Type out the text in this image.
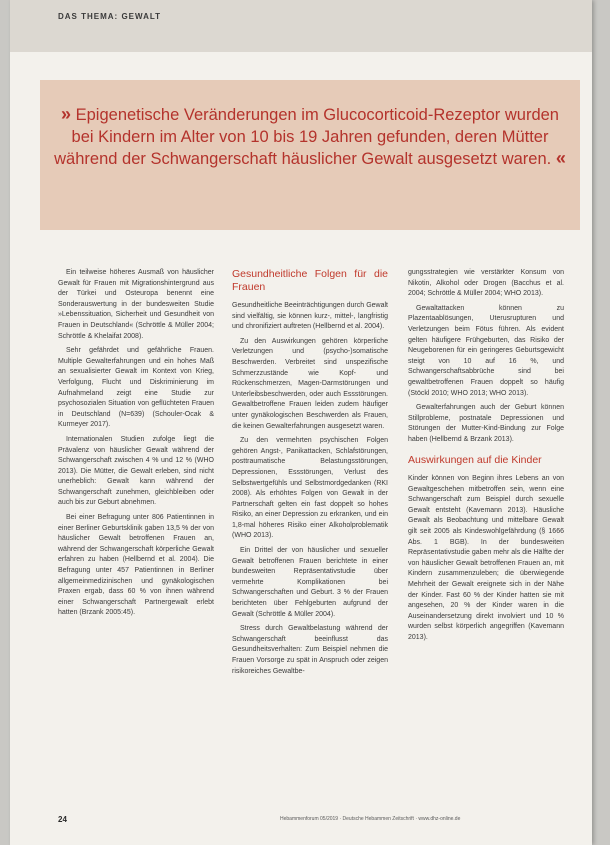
DAS THEMA: GEWALT
» Epigenetische Veränderungen im Glucocorticoid-Rezeptor wurden bei Kindern im Alter von 10 bis 19 Jahren gefunden, deren Mütter während der Schwangerschaft häuslicher Gewalt ausgesetzt waren. «

Ein teilweise höheres Ausmaß von häuslicher Gewalt für Frauen mit Migrationshintergrund aus der Türkei und Osteuropa benennt eine Sonderauswertung in der bundesweiten Studie »Lebenssituation, Sicherheit und Gesundheit von Frauen in Deutschland« (Schröttle & Müller 2004; Schröttle & Khelaifat 2008).

Sehr gefährdet und gefährliche Frauen. Multiple Gewalterfahrungen und ein hohes Maß an sexualisierter Gewalt im Kontext von Krieg, Verfolgung, Flucht und Diskriminierung im Aufnahmeland zeigt eine Studie zur psychosozialen Situation von geflüchteten Frauen in Deutschland (N=639) (Schouler-Ocak & Kurmeyer 2017).

Internationalen Studien zufolge liegt die Prävalenz von häuslicher Gewalt während der Schwangerschaft zwischen 4 % und 12 % (WHO 2013). Die Mütter, die Gewalt erleben, sind nicht unerheblich: Gewalt kann während der Schwangerschaft zunehmen, gleichbleiben oder auch bis zur Geburt abnehmen.

Bei einer Befragung unter 806 Patientinnen in einer Berliner Geburtsklinik gaben 13,5 % der von häuslicher Gewalt betroffenen Frauen an, während der Schwangerschaft körperliche Gewalt erfahren zu haben (Hellbernd et al. 2004). Die Befragung unter 457 Patientinnen in Berliner allgemeinmedizinischen und gynäkologischen Praxen ergab, dass 60 % von ihnen während einer Schwangerschaft Partnergewalt erlebt hatten (Brzank 2005:45).

Gesundheitliche Folgen für die Frauen

Gesundheitliche Beeinträchtigungen durch Gewalt sind vielfältig, sie können kurz-, mittel-, langfristig und chronifiziert auftreten (Hellbernd et al. 2004).

Zu den Auswirkungen gehören körperliche Verletzungen und (psycho-)somatische Beschwerden. Verbreitet sind unspezifische Schmerzzustände wie Kopf- und Rückenschmerzen, Magen-Darmstörungen und Unterleibsbeschwerden, oder auch Essstörungen. Gewaltbetroffene Frauen leiden zudem häufiger unter gynäkologischen Beschwerden als Frauen, die keinen Gewalterfahrungen ausgesetzt waren.

Zu den vermehrten psychischen Folgen gehören Angst-, Panikattacken, Schlafstörungen, posttraumatische Belastungsstörungen, Depressionen, Essstörungen, Verlust des Selbstwertgefühls und Selbstmordgedanken (RKI 2008). Als erhöhtes Folgen von Gewalt in der Partnerschaft gelten ein fast doppelt so hohes Risiko, an einer Depression zu erkranken, und ein 1,8-mal höheres Risiko einer Alkoholproblematik (WHO 2013).

Ein Drittel der von häuslicher und sexueller Gewalt betroffenen Frauen berichtete in einer bundesweiten Repräsentativstudie über vermehrte Komplikationen bei Schwangerschaften und Geburt. 3 % der Frauen berichteten über Fehlgeburten aufgrund der Gewalt (Schröttle & Müller 2004).

Stress durch Gewaltbelastung während der Schwangerschaft beeinflusst das Gesundheitsverhalten: Zum Beispiel nehmen die Frauen Vorsorge zu spät in Anspruch oder zeigen risikoreiches Gewaltbe-

gungsstrategien wie verstärkter Konsum von Nikotin, Alkohol oder Drogen (Bacchus et al. 2004; Schröttle & Müller 2004; WHO 2013).

Gewaltattacken können zu Plazentaablösungen, Uterusrupturen und Verletzungen beim Fötus führen. Als evident gelten häufigere Frühgeburten, das Risiko der Neugeborenen für ein geringeres Geburtsgewicht steigt von 10 auf 16 %, und Schwangerschaftsabbrüche sind bei gewaltbetroffenen Frauen doppelt so häufig (Stöckl 2010; WHO 2013; WHO 2013).

Gewalterfahrungen auch der Geburt können Stillprobleme, postnatale Depressionen und Störungen der Mutter-Kind-Bindung zur Folge haben (Hellbernd & Brzank 2013).

Auswirkungen auf die Kinder

Kinder können von Beginn ihres Lebens an von Gewaltgeschehen mitbetroffen sein, wenn eine Schwangerschaft zum Beispiel durch sexuelle Gewalt entsteht (Kavemann 2013). Häusliche Gewalt als Beobachtung und mittelbare Gewalt gilt seit 2005 als Kindeswohlgefährdung (§ 1666 Abs. 1 BGB). In der bundesweiten Repräsentativstudie gaben mehr als die Hälfte der von häuslicher Gewalt betroffenen Frauen an, mit Kindern zusammenzuleben; die überwiegende Mehrheit der Gewalt ereignete sich in der Nähe der Kinder. Fast 60 % der Kinder hatten sie mit angesehen, 20 % der Kinder waren in die Auseinandersetzung direkt involviert und 10 % wurden selbst körperlich angegriffen (Kavemann 2013).

24	Hebammenforum 05/2019 · Deutsche Hebammen Zeitschrift · www.dhz-online.de
